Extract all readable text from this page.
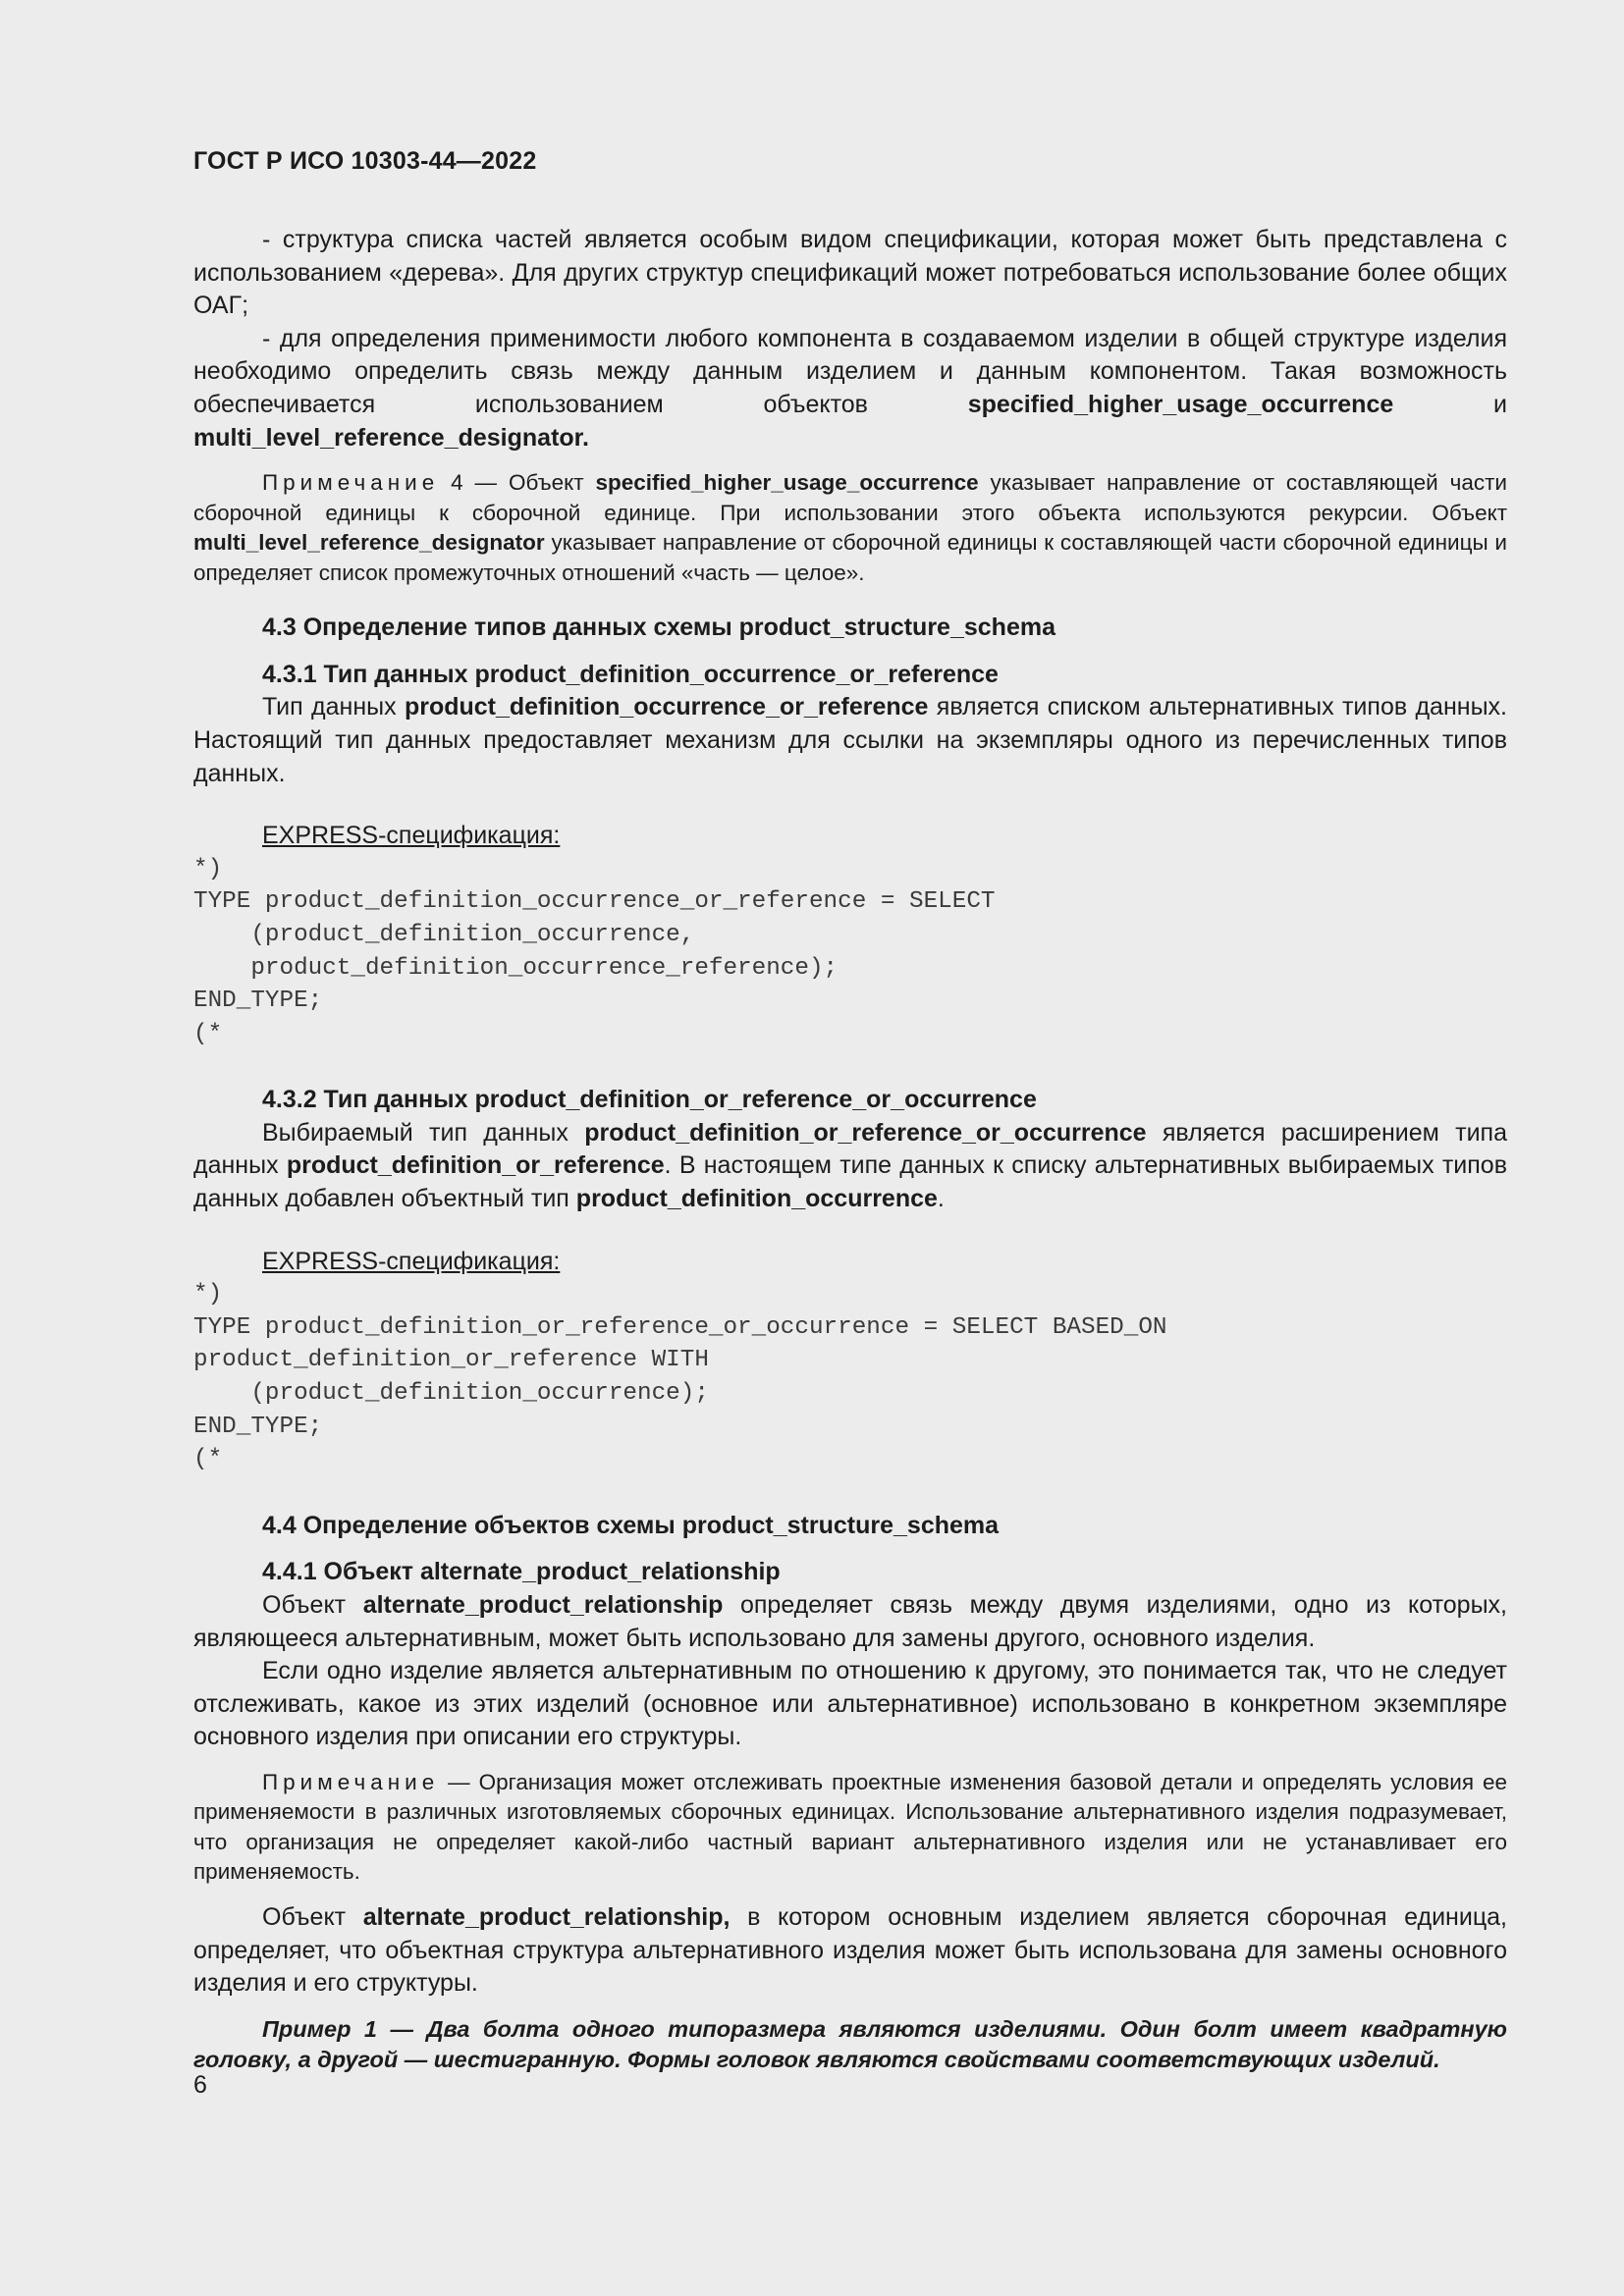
ГОСТ Р ИСО 10303-44—2022

- структура списка частей является особым видом спецификации, которая может быть представлена с использованием «дерева». Для других структур спецификаций может потребоваться использование более общих ОАГ;

- для определения применимости любого компонента в создаваемом изделии в общей структуре изделия необходимо определить связь между данным изделием и данным компонентом. Такая возможность обеспечивается использованием объектов specified_higher_usage_occurrence и multi_level_reference_designator.

Примечание 4 — Объект specified_higher_usage_occurrence указывает направление от составляющей части сборочной единицы к сборочной единице. При использовании этого объекта используются рекурсии. Объект multi_level_reference_designator указывает направление от сборочной единицы к составляющей части сборочной единицы и определяет список промежуточных отношений «часть — целое».

4.3 Определение типов данных схемы product_structure_schema
4.3.1 Тип данных product_definition_occurrence_or_reference

Тип данных product_definition_occurrence_or_reference является списком альтернативных типов данных. Настоящий тип данных предоставляет механизм для ссылки на экземпляры одного из перечисленных типов данных.

EXPRESS-спецификация:
*)
TYPE product_definition_occurrence_or_reference = SELECT
(product_definition_occurrence,
product_definition_occurrence_reference);
END_TYPE;
(*
4.3.2 Тип данных product_definition_or_reference_or_occurrence

Выбираемый тип данных product_definition_or_reference_or_occurrence является расширением типа данных product_definition_or_reference. В настоящем типе данных к списку альтернативных выбираемых типов данных добавлен объектный тип product_definition_occurrence.

EXPRESS-спецификация:
*)
TYPE product_definition_or_reference_or_occurrence = SELECT BASED_ON
product_definition_or_reference WITH
(product_definition_occurrence);
END_TYPE;
(*
4.4 Определение объектов схемы product_structure_schema
4.4.1 Объект alternate_product_relationship

Объект alternate_product_relationship определяет связь между двумя изделиями, одно из которых, являющееся альтернативным, может быть использовано для замены другого, основного изделия.

Если одно изделие является альтернативным по отношению к другому, это понимается так, что не следует отслеживать, какое из этих изделий (основное или альтернативное) использовано в конкретном экземпляре основного изделия при описании его структуры.

Примечание — Организация может отслеживать проектные изменения базовой детали и определять условия ее применяемости в различных изготовляемых сборочных единицах. Использование альтернативного изделия подразумевает, что организация не определяет какой-либо частный вариант альтернативного изделия или не устанавливает его применяемость.

Объект alternate_product_relationship, в котором основным изделием является сборочная единица, определяет, что объектная структура альтернативного изделия может быть использована для замены основного изделия и его структуры.

Пример 1 — Два болта одного типоразмера являются изделиями. Один болт имеет квадратную головку, а другой — шестигранную. Формы головок являются свойствами соответствующих изделий.

6
